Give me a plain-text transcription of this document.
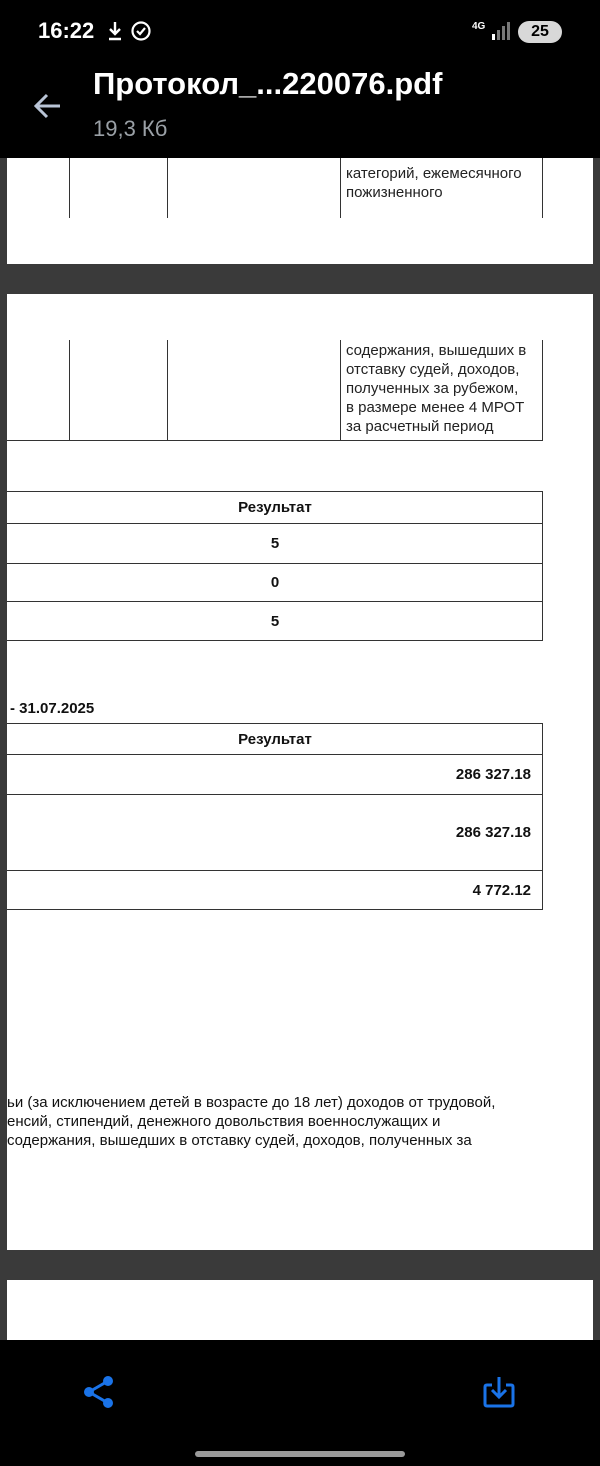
16:22	4G	25
Протокол_...220076.pdf
19,3 Кб
категорий, ежемесячного
пожизненного
содержания, вышедших в
отставку судей, доходов,
полученных за рубежом,
в размере менее 4 МРОТ
за расчетный период
Результат
5
0
5
- 31.07.2025
Результат
286 327.18
286 327.18
4 772.12
ьи (за исключением детей в возрасте до 18 лет) доходов от трудовой,
енсий, стипендий, денежного довольствия военнослужащих и
содержания, вышедших в отставку судей, доходов, полученных за
